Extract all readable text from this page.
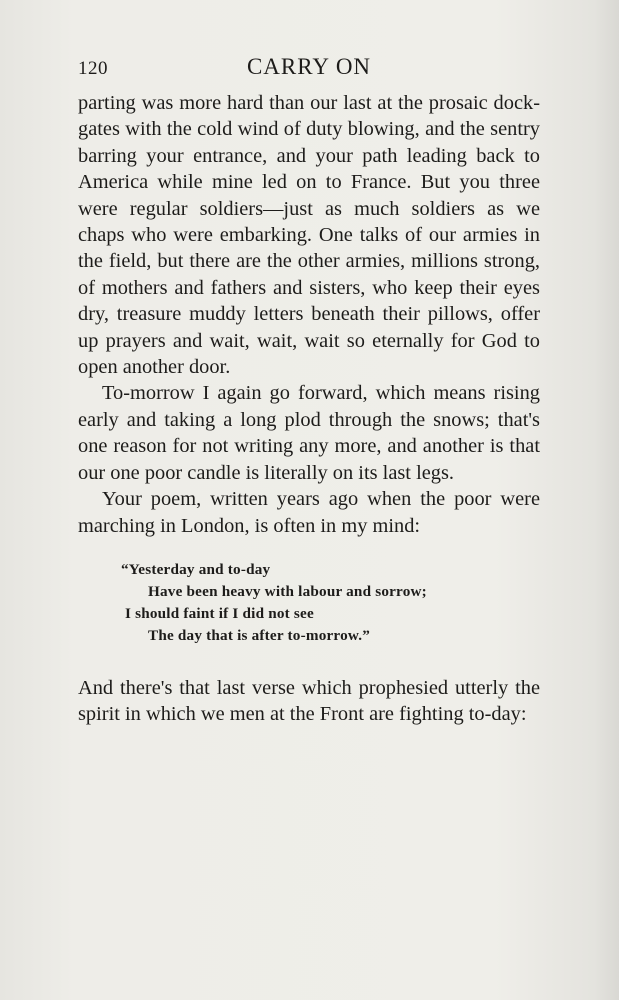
120	CARRY ON

parting was more hard than our last at the prosaic dock-gates with the cold wind of duty blowing, and the sentry barring your entrance, and your path leading back to America while mine led on to France. But you three were regular soldiers—just as much soldiers as we chaps who were embarking. One talks of our armies in the field, but there are the other armies, millions strong, of mothers and fathers and sisters, who keep their eyes dry, treasure muddy letters beneath their pillows, offer up prayers and wait, wait, wait so eternally for God to open another door.

To-morrow I again go forward, which means rising early and taking a long plod through the snows; that's one reason for not writing any more, and another is that our one poor candle is literally on its last legs.

Your poem, written years ago when the poor were marching in London, is often in my mind:

“Yesterday and to-day
Have been heavy with labour and sorrow;
I should faint if I did not see
The day that is after to-morrow.”

And there's that last verse which prophesied utterly the spirit in which we men at the Front are fighting to-day:
